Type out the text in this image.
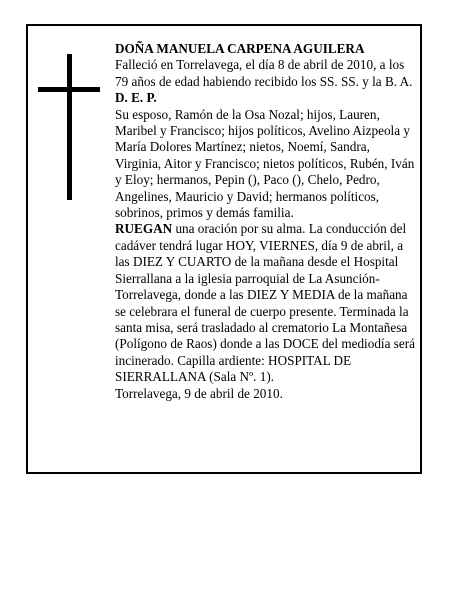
DOÑA MANUELA CARPENA AGUILERA

Falleció en Torrelavega, el día 8 de abril de 2010, a los 79 años de edad habiendo recibido los SS. SS. y la B. A.

D. E. P.

Su esposo, Ramón de la Osa Nozal; hijos, Lauren, Maribel y Francisco; hijos políticos, Avelino Aizpeola y María Dolores Martínez; nietos, Noemí, Sandra, Virginia, Aitor y Francisco; nietos políticos, Rubén, Iván y Eloy; hermanos, Pepin (), Paco (), Chelo, Pedro, Angelines, Mauricio y David; hermanos políticos, sobrinos, primos y demás familia.

RUEGAN una oración por su alma. La conducción del cadáver tendrá lugar HOY, VIERNES, día 9 de abril, a las DIEZ Y CUARTO de la mañana desde el Hospital Sierrallana a la iglesia parroquial de La Asunción-Torrelavega, donde a las DIEZ Y MEDIA de la mañana se celebrara el funeral de cuerpo presente. Terminada la santa misa, será trasladado al crematorio La Montañesa (Polígono de Raos) donde a las DOCE del mediodía será incinerado. Capilla ardiente: HOSPITAL DE SIERRALLANA (Sala Nº. 1).

Torrelavega, 9 de abril de 2010.
